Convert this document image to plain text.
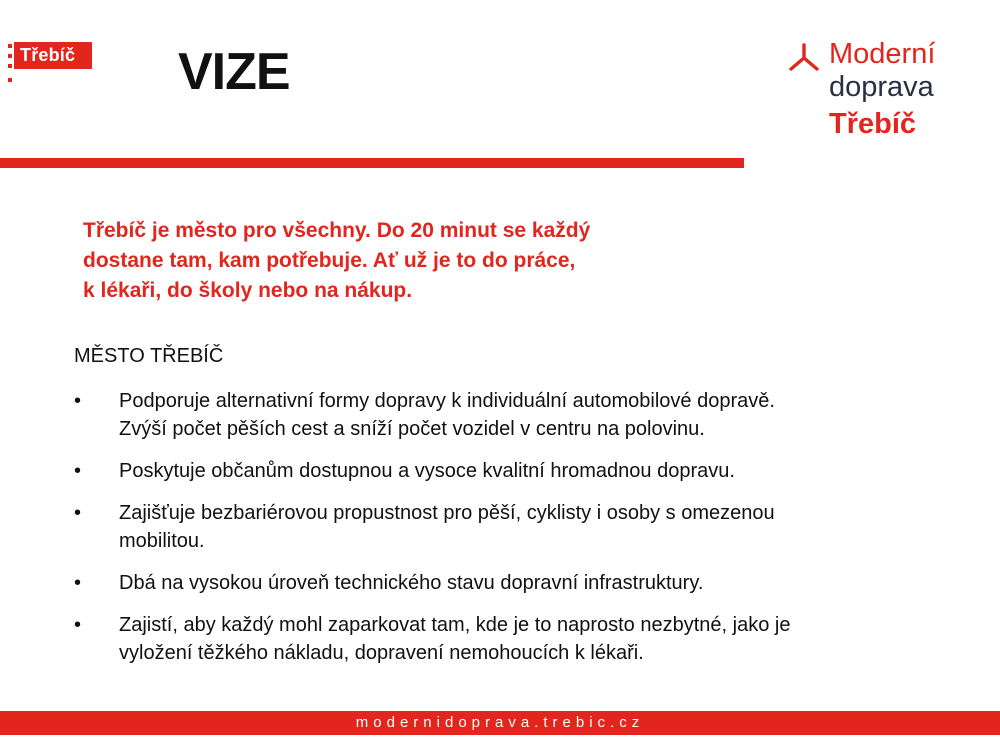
Třebíč	VIZE	Moderní
doprava
Třebíč
Třebíč je město pro všechny. Do 20 minut se každý
dostane tam, kam potřebuje. Ať už je to do práce,
k lékaři, do školy nebo na nákup.
MĚSTO TŘEBÍČ
• Podporuje alternativní formy dopravy k individuální automobilové dopravě.
Zvýší počet pěších cest a sníží počet vozidel v centru na polovinu.
• Poskytuje občanům dostupnou a vysoce kvalitní hromadnou dopravu.
• Zajišťuje bezbariérovou propustnost pro pěší, cyklisty i osoby s omezenou
mobilitou.
• Dbá na vysokou úroveň technického stavu dopravní infrastruktury.
• Zajistí, aby každý mohl zaparkovat tam, kde je to naprosto nezbytné, jako je
vyložení těžkého nákladu, dopravení nemohoucích k lékaři.
modernidoprava.trebic.cz
